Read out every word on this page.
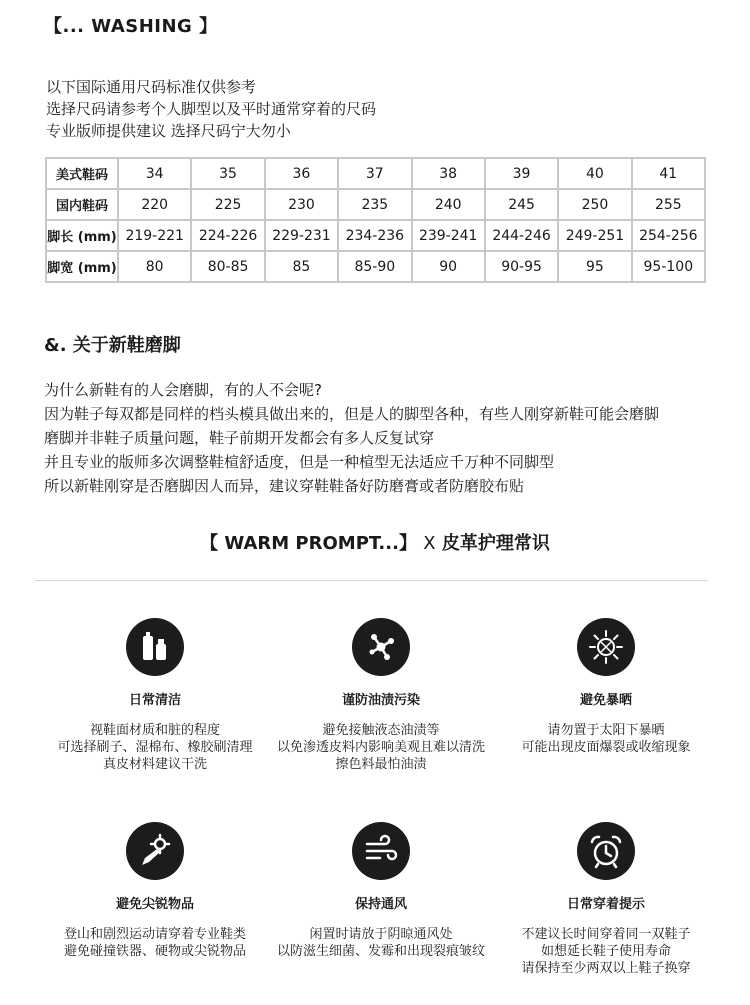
【... WASHING 】
以下国际通用尺码标准仅供参考
选择尺码请参考个人脚型以及平时通常穿着的尺码
专业版师提供建议 选择尺码宁大勿小
美式鞋码	34	35	36	37	38	39	40	41
国内鞋码	220	225	230	235	240	245	250	255
脚长 (mm)	219-221	224-226	229-231	234-236	239-241	244-246	249-251	254-256
脚宽 (mm)	80	80-85	85	85-90	90	90-95	95	95-100
&. 关于新鞋磨脚
为什么新鞋有的人会磨脚，有的人不会呢?
因为鞋子每双都是同样的档头模具做出来的，但是人的脚型各种，有些人刚穿新鞋可能会磨脚
磨脚并非鞋子质量问题，鞋子前期开发都会有多人反复试穿
并且专业的版师多次调整鞋楦舒适度，但是一种楦型无法适应千万种不同脚型
所以新鞋刚穿是否磨脚因人而异，建议穿鞋鞋备好防磨膏或者防磨胶布贴
【 WARM PROMPT...】 X 皮革护理常识
日常清洁
视鞋面材质和脏的程度
可选择刷子、湿棉布、橡胶刷清理
真皮材料建议干洗
谨防油渍污染
避免接触液态油渍等
以免渗透皮料内影响美观且难以清洗
擦色料最怕油渍
避免暴晒
请勿置于太阳下暴晒
可能出现皮面爆裂或收缩现象
避免尖锐物品
登山和剧烈运动请穿着专业鞋类
避免碰撞铁器、硬物或尖锐物品
保持通风
闲置时请放于阴晾通风处
以防滋生细菌、发霉和出现裂痕皱纹
日常穿着提示
不建议长时间穿着同一双鞋子
如想延长鞋子使用寿命
请保持至少两双以上鞋子换穿
